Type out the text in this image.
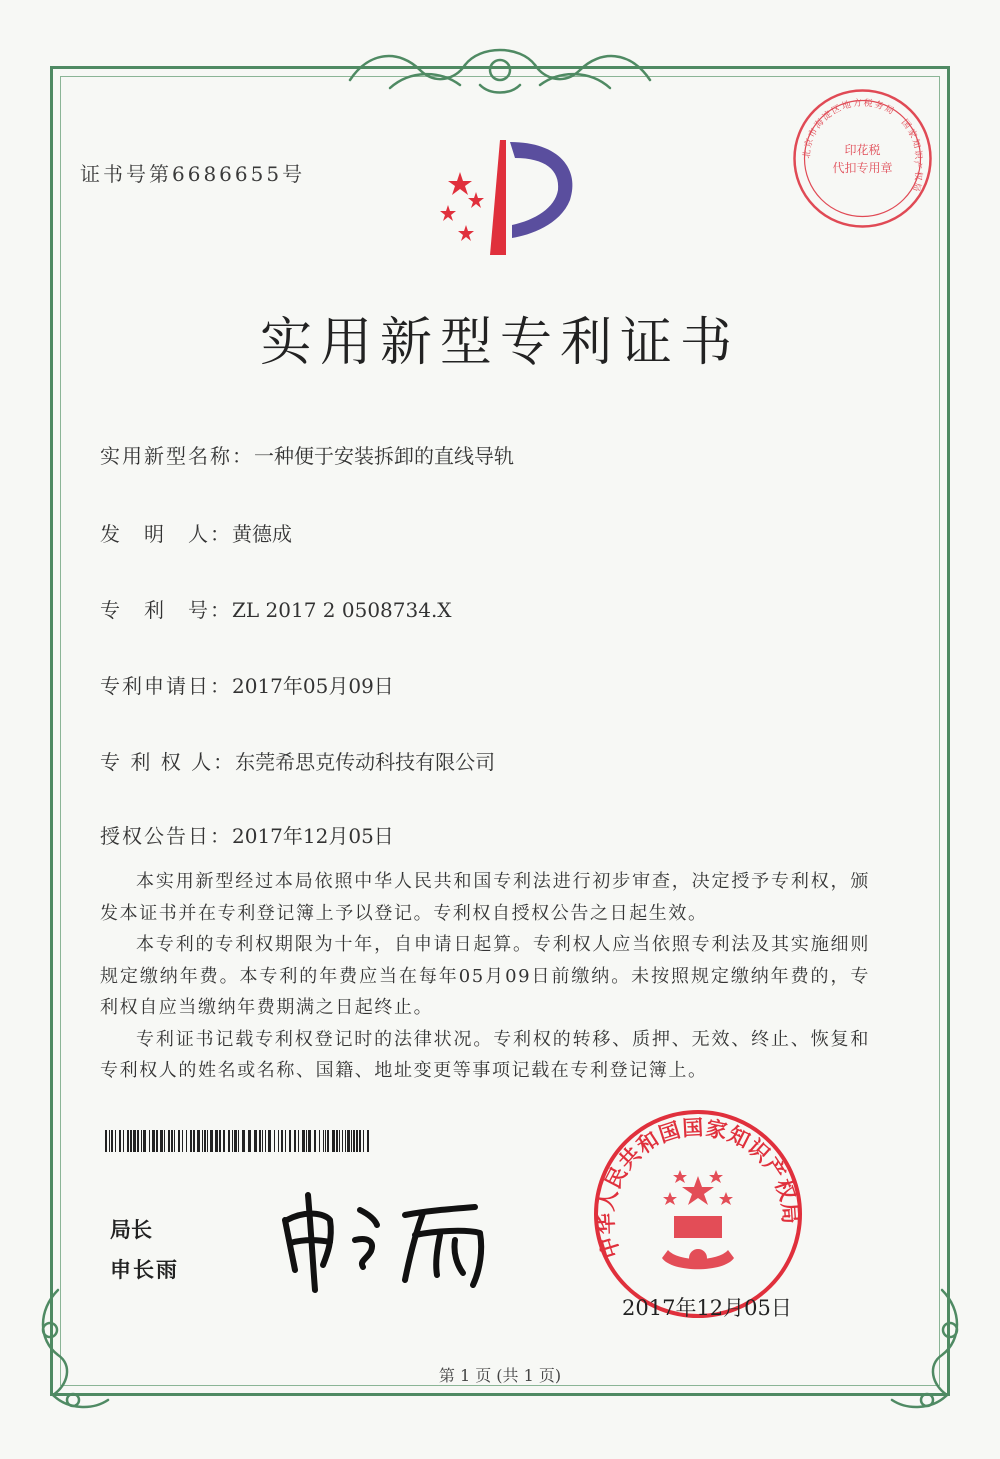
证书号第6686655号
北京市海淀区地方税务局　国家知识产权局
印花税
代扣专用章
实用新型专利证书
实用新型名称：一种便于安装拆卸的直线导轨
发　明　人：黄德成
专　利　号：ZL 2017 2 0508734.X
专利申请日：2017年05月09日
专 利 权 人：东莞希思克传动科技有限公司
授权公告日：2017年12月05日

本实用新型经过本局依照中华人民共和国专利法进行初步审查，决定授予专利权，颁发本证书并在专利登记簿上予以登记。专利权自授权公告之日起生效。

本专利的专利权期限为十年，自申请日起算。专利权人应当依照专利法及其实施细则规定缴纳年费。本专利的年费应当在每年05月09日前缴纳。未按照规定缴纳年费的，专利权自应当缴纳年费期满之日起终止。

专利证书记载专利权登记时的法律状况。专利权的转移、质押、无效、终止、恢复和专利权人的姓名或名称、国籍、地址变更等事项记载在专利登记簿上。

局长
申长雨
中华人民共和国国家知识产权局
2017年12月05日
第 1 页 (共 1 页)
